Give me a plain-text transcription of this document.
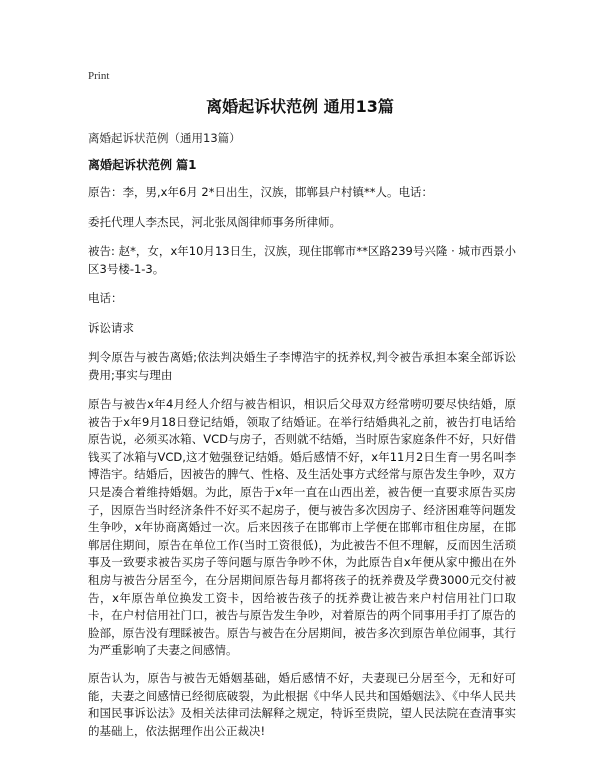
Print
离婚起诉状范例 通用13篇

离婚起诉状范例（通用13篇）

离婚起诉状范例 篇1

原告：李，男,x年6月 2*日出生，汉族，邯郸县户村镇**人。电话：

委托代理人李杰民，河北张凤阁律师事务所律师。

被告: 赵*，女，x年10月13日生，汉族，现住邯郸市**区路239号兴隆 · 城市西景小区3号楼-1-3。

电话：

诉讼请求

判令原告与被告离婚;依法判决婚生子李博浩宇的抚养权,判令被告承担本案全部诉讼费用;事实与理由

原告与被告x年4月经人介绍与被告相识，相识后父母双方经常唠叨要尽快结婚，原被告于x年9月18日登记结婚，领取了结婚证。在举行结婚典礼之前，被告打电话给原告说，必须买冰箱、VCD与房子，否则就不结婚，当时原告家庭条件不好，只好借钱买了冰箱与VCD,这才勉强登记结婚。婚后感情不好，x年11月2日生育一男名叫李博浩宇。结婚后，因被告的脾气、性格、及生活处事方式经常与原告发生争吵，双方只是凑合着维持婚姻。为此，原告于x年一直在山西出差，被告便一直要求原告买房子，因原告当时经济条件不好买不起房子，便与被告多次因房子、经济困难等问题发生争吵，x年协商离婚过一次。后来因孩子在邯郸市上学便在邯郸市租住房屋，在邯郸居住期间，原告在单位工作(当时工资很低)，为此被告不但不理解，反而因生活琐事及一致要求被告买房子等问题与原告争吵不休，为此原告自x年便从家中搬出在外租房与被告分居至今，在分居期间原告每月都将孩子的抚养费及学费3000元交付被告，x年原告单位换发工资卡，因给被告孩子的抚养费让被告来户村信用社门口取卡，在户村信用社门口，被告与原告发生争吵，对着原告的两个同事用手打了原告的脸部，原告没有理睬被告。原告与被告在分居期间，被告多次到原告单位闹事，其行为严重影响了夫妻之间感情。

原告认为，原告与被告无婚姻基础，婚后感情不好，夫妻现已分居至今，无和好可能，夫妻之间感情已经彻底破裂，为此根据《中华人民共和国婚姻法》、《中华人民共和国民事诉讼法》及相关法律司法解释之规定，特诉至贵院，望人民法院在查清事实的基础上，依法据理作出公正裁决!
